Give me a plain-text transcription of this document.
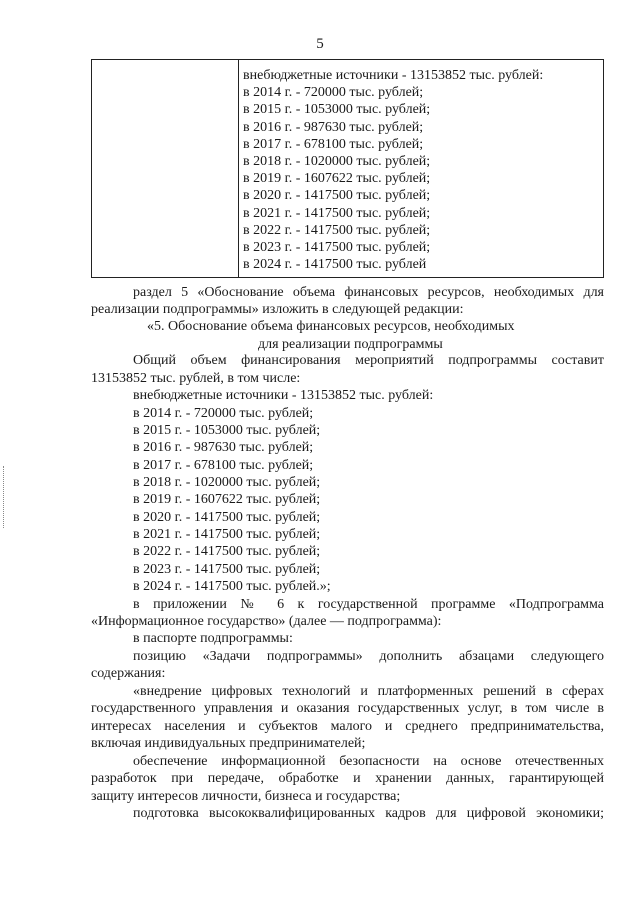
5
внебюджетные источники - 13153852 тыс. рублей:
в 2014 г. - 720000 тыс. рублей;
в 2015 г. - 1053000 тыс. рублей;
в 2016 г. - 987630 тыс. рублей;
в 2017 г. - 678100 тыс. рублей;
в 2018 г. - 1020000 тыс. рублей;
в 2019 г. - 1607622 тыс. рублей;
в 2020 г. - 1417500 тыс. рублей;
в 2021 г. - 1417500 тыс. рублей;
в 2022 г. - 1417500 тыс. рублей;
в 2023 г. - 1417500 тыс. рублей;
в 2024 г. - 1417500 тыс. рублей
раздел 5 «Обоснование объема финансовых ресурсов, необходимых для
реализации подпрограммы» изложить в следующей редакции:
«5. Обоснование объема финансовых ресурсов, необходимых
для реализации подпрограммы
Общий объем финансирования мероприятий подпрограммы составит
13153852 тыс. рублей, в том числе:
внебюджетные источники - 13153852 тыс. рублей:
в 2014 г. - 720000 тыс. рублей;
в 2015 г. - 1053000 тыс. рублей;
в 2016 г. - 987630 тыс. рублей;
в 2017 г. - 678100 тыс. рублей;
в 2018 г. - 1020000 тыс. рублей;
в 2019 г. - 1607622 тыс. рублей;
в 2020 г. - 1417500 тыс. рублей;
в 2021 г. - 1417500 тыс. рублей;
в 2022 г. - 1417500 тыс. рублей;
в 2023 г. - 1417500 тыс. рублей;
в 2024 г. - 1417500 тыс. рублей.»;
в приложении № 6 к государственной программе «Подпрограмма
«Информационное государство» (далее — подпрограмма):
в паспорте подпрограммы:
позицию «Задачи подпрограммы» дополнить абзацами следующего
содержания:
«внедрение цифровых технологий и платформенных решений в сферах
государственного управления и оказания государственных услуг, в том числе в
интересах населения и субъектов малого и среднего предпринимательства,
включая индивидуальных предпринимателей;
обеспечение информационной безопасности на основе отечественных
разработок при передаче, обработке и хранении данных, гарантирующей
защиту интересов личности, бизнеса и государства;
подготовка высококвалифицированных кадров для цифровой экономики;
